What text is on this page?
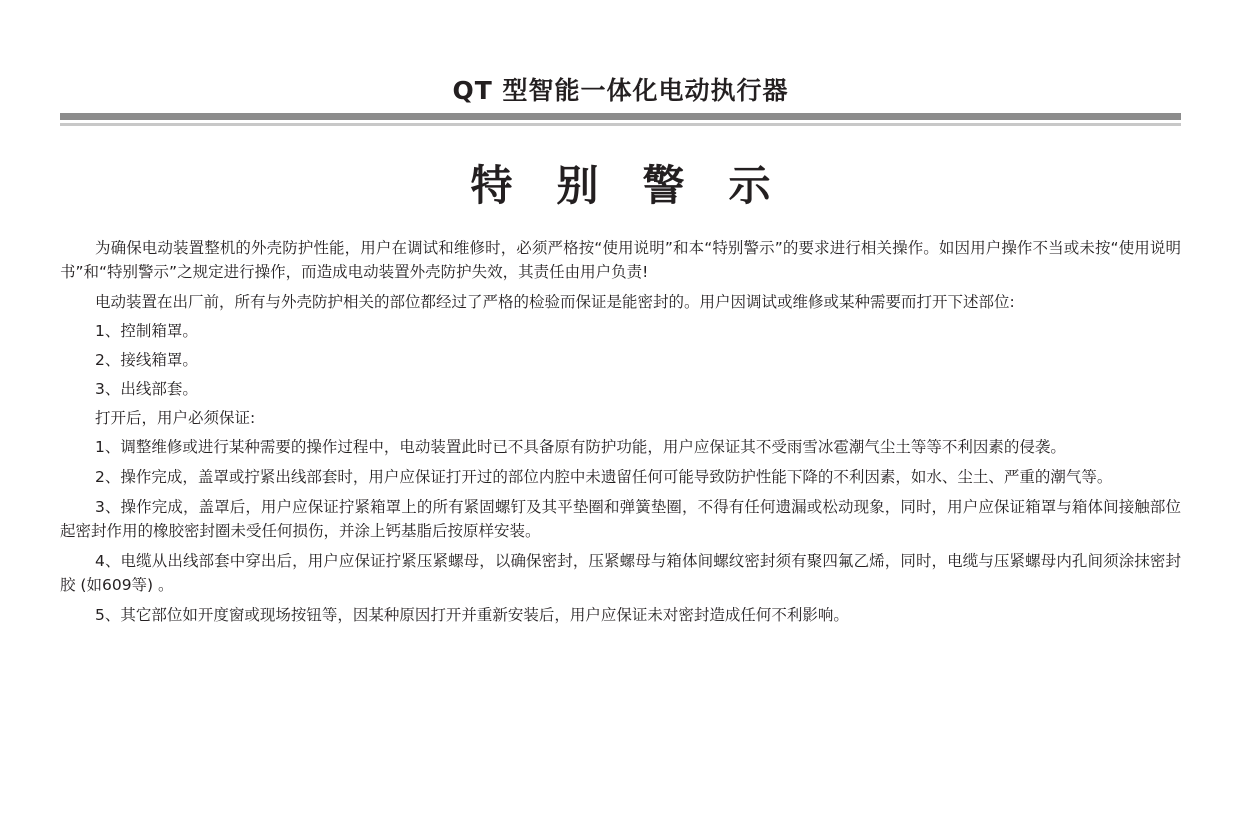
QT 型智能一体化电动执行器
特别警示

为确保电动装置整机的外壳防护性能，用户在调试和维修时，必须严格按“使用说明”和本“特别警示”的要求进行相关操作。如因用户操作不当或未按“使用说明书”和“特别警示”之规定进行操作，而造成电动装置外壳防护失效，其责任由用户负责!

电动装置在出厂前，所有与外壳防护相关的部位都经过了严格的检验而保证是能密封的。用户因调试或维修或某种需要而打开下述部位:

1、控制箱罩。

2、接线箱罩。

3、出线部套。

打开后，用户必须保证:

1、调整维修或进行某种需要的操作过程中，电动装置此时已不具备原有防护功能，用户应保证其不受雨雪冰雹潮气尘土等等不利因素的侵袭。

2、操作完成，盖罩或拧紧出线部套时，用户应保证打开过的部位内腔中未遗留任何可能导致防护性能下降的不利因素，如水、尘土、严重的潮气等。

3、操作完成，盖罩后，用户应保证拧紧箱罩上的所有紧固螺钉及其平垫圈和弹簧垫圈，不得有任何遗漏或松动现象，同时，用户应保证箱罩与箱体间接触部位起密封作用的橡胶密封圈未受任何损伤，并涂上钙基脂后按原样安装。

4、电缆从出线部套中穿出后，用户应保证拧紧压紧螺母，以确保密封，压紧螺母与箱体间螺纹密封须有聚四氟乙烯，同时，电缆与压紧螺母内孔间须涂抹密封胶 (如609等) 。

5、其它部位如开度窗或现场按钮等，因某种原因打开并重新安装后，用户应保证未对密封造成任何不利影响。
